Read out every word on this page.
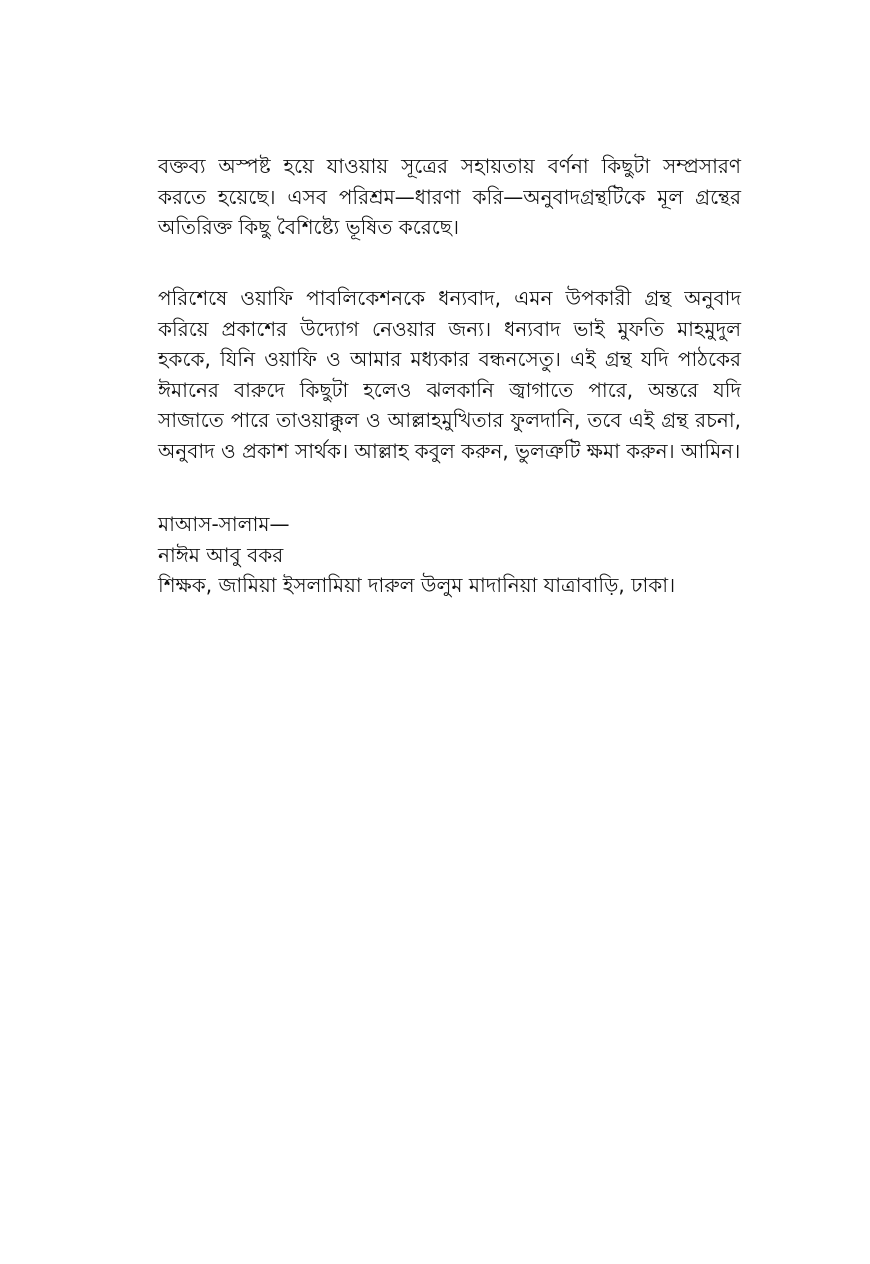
বক্তব্য অস্পষ্ট হয়ে যাওয়ায় সূত্রের সহায়তায় বর্ণনা কিছুটা সম্প্রসারণ করতে হয়েছে। এসব পরিশ্রম—ধারণা করি—অনুবাদগ্রন্থটিকে মূল গ্রন্থের অতিরিক্ত কিছু বৈশিষ্ট্যে ভূষিত করেছে।

পরিশেষে ওয়াফি পাবলিকেশনকে ধন্যবাদ, এমন উপকারী গ্রন্থ অনুবাদ করিয়ে প্রকাশের উদ্যোগ নেওয়ার জন্য। ধন্যবাদ ভাই মুফতি মাহমুদুল হককে, যিনি ওয়াফি ও আমার মধ্যকার বন্ধনসেতু। এই গ্রন্থ যদি পাঠকের ঈমানের বারুদে কিছুটা হলেও ঝলকানি জ্বাগাতে পারে, অন্তরে যদি সাজাতে পারে তাওয়াক্কুল ও আল্লাহমুখিতার ফুলদানি, তবে এই গ্রন্থ রচনা, অনুবাদ ও প্রকাশ সার্থক। আল্লাহ কবুল করুন, ভুলত্রুটি ক্ষমা করুন। আমিন।

মাআস-সালাম—
নাঈম আবু বকর
শিক্ষক, জামিয়া ইসলামিয়া দারুল উলুম মাদানিয়া যাত্রাবাড়ি, ঢাকা।
